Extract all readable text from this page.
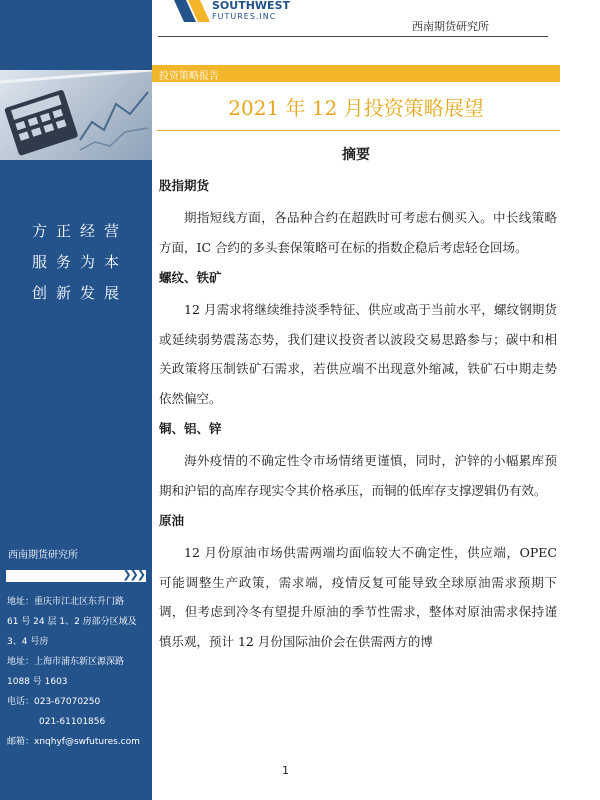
方正经营
服务为本
创新发展
西南期货研究所
❯❯❯
地址：重庆市江北区东升门路
61 号 24 层 1、2 房部分区域及
3、4 号房
地址：上海市浦东新区源深路
1088 号 1603
电话：023-67070250
021-61101856
邮箱：xnqhyf@swfutures.com
SOUTHWEST
FUTURES.INC
西南期货研究所
投资策略报告
2021 年 12 月投资策略展望
摘要
股指期货

期指短线方面，各品种合约在超跌时可考虑右侧买入。中长线策略方面，IC 合约的多头套保策略可在标的指数企稳后考虑轻仓回场。

螺纹、铁矿

12 月需求将继续维持淡季特征、供应或高于当前水平，螺纹钢期货或延续弱势震荡态势，我们建议投资者以波段交易思路参与；碳中和相关政策将压制铁矿石需求，若供应端不出现意外缩减，铁矿石中期走势依然偏空。

铜、铝、锌

海外疫情的不确定性令市场情绪更谨慎，同时，沪锌的小幅累库预期和沪铝的高库存现实令其价格承压，而铜的低库存支撑逻辑仍有效。

原油

12 月份原油市场供需两端均面临较大不确定性，供应端，OPEC 可能调整生产政策，需求端，疫情反复可能导致全球原油需求预期下调，但考虑到冷冬有望提升原油的季节性需求，整体对原油需求保持谨慎乐观，预计 12 月份国际油价会在供需两方的博

1
